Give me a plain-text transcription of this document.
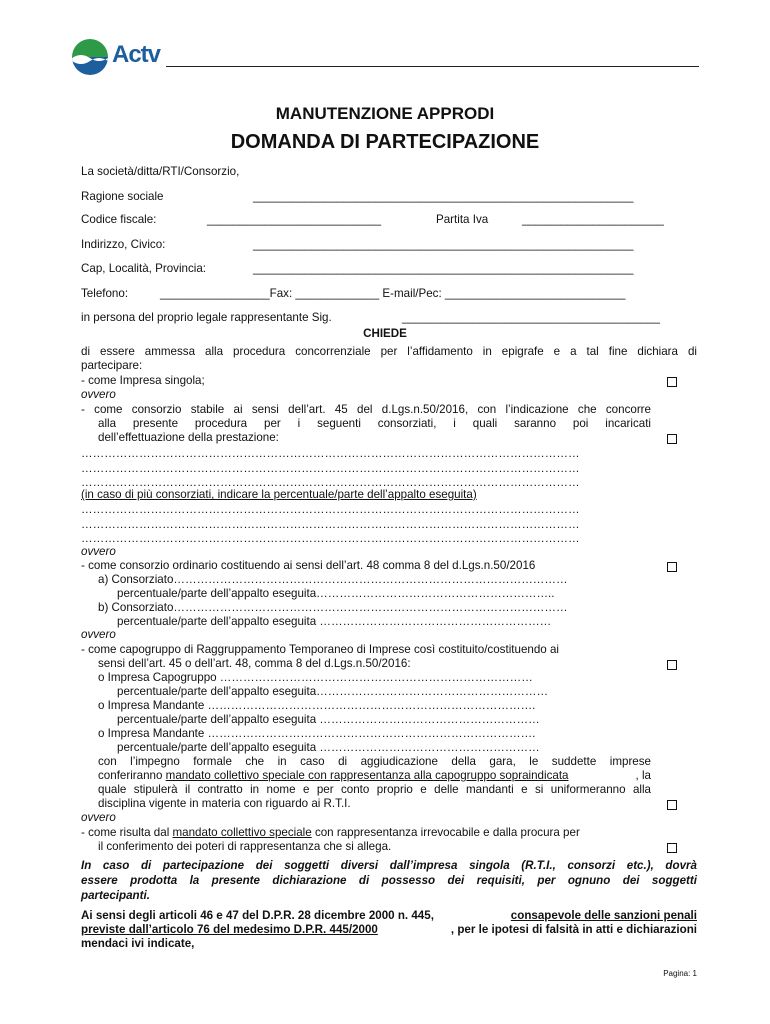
Actv
MANUTENZIONE APPRODI
DOMANDA DI PARTECIPAZIONE
La società/ditta/RTI/Consorzio,
Ragione sociale	___________________________________________________________
Codice fiscale:	___________________________	Partita Iva	______________________
Indirizzo, Civico:	___________________________________________________________
Cap, Località, Provincia:	___________________________________________________________
Telefono:	_________________Fax: _____________ E-mail/Pec: ____________________________
in persona del proprio legale rappresentante Sig.	________________________________________
CHIEDE
di essere ammessa alla procedura concorrenziale per l’affidamento in epigrafe e a tal fine dichiara di
partecipare:
- come Impresa singola;
ovvero
- come consorzio stabile ai sensi dell’art. 45 del d.Lgs.n.50/2016, con l’indicazione che concorre
alla presente procedura per i seguenti consorziati, i quali saranno poi incaricati
dell’effettuazione della prestazione:
…………………………………………………………………………………………………………………
…………………………………………………………………………………………………………………
…………………………………………………………………………………………………………………
(in caso di più consorziati, indicare la percentuale/parte dell’appalto eseguita)
…………………………………………………………………………………………………………………
…………………………………………………………………………………………………………………
…………………………………………………………………………………………………………………
ovvero
- come consorzio ordinario costituendo ai sensi dell’art. 48 comma 8 del d.Lgs.n.50/2016
a) Consorziato…………………………………………………………………………………………
percentuale/parte dell’appalto eseguita……………………………………………………..
b) Consorziato…………………………………………………………………………………………
percentuale/parte dell’appalto eseguita ……………………………………………………
ovvero
- come capogruppo di Raggruppamento Temporaneo di Imprese così costituito/costituendo ai
sensi dell’art. 45 o dell’art. 48, comma 8 del d.Lgs.n.50/2016:
o Impresa Capogruppo ………………………………………………………………………
percentuale/parte dell’appalto eseguita……………………………………………………
o Impresa Mandante ………………………………………………………………………….
percentuale/parte dell’appalto eseguita …………………………………………………
o Impresa Mandante ………………………………………………………………………….
percentuale/parte dell’appalto eseguita …………………………………………………
con l’impegno formale che in caso di aggiudicazione della gara, le suddette imprese
conferiranno mandato collettivo speciale con rappresentanza alla capogruppo sopraindicata	, la
quale stipulerà il contratto in nome e per conto proprio e delle mandanti e si uniformeranno alla
disciplina vigente in materia con riguardo ai R.T.I.
ovvero
- come risulta dal mandato collettivo speciale con rappresentanza irrevocabile e dalla procura per
il conferimento dei poteri di rappresentanza che si allega.
In caso di partecipazione dei soggetti diversi dall’impresa singola (R.T.I., consorzi etc.), dovrà
essere prodotta la presente dichiarazione di possesso dei requisiti, per ognuno dei soggetti
partecipanti.
Ai sensi degli articoli 46 e 47 del D.P.R. 28 dicembre 2000 n. 445,	consapevole delle sanzioni penali
previste dall’articolo 76 del medesimo D.P.R. 445/2000	, per le ipotesi di falsità in atti e dichiarazioni
mendaci ivi indicate,
Pagina: 1
